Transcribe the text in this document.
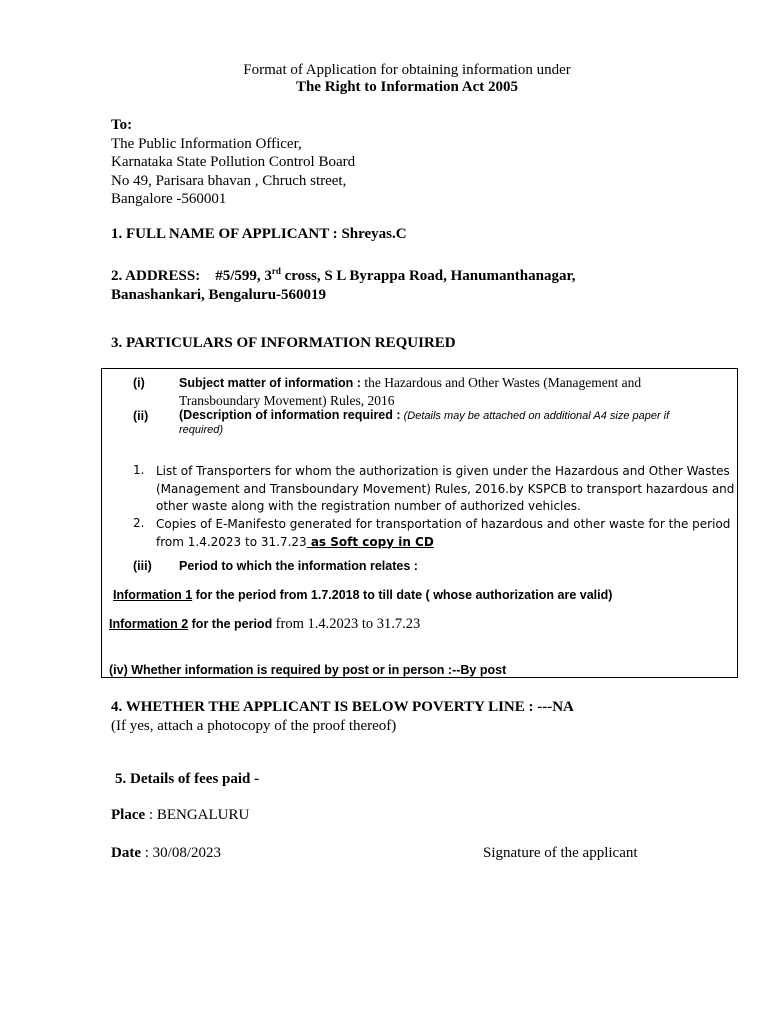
Format of Application for obtaining information under
The Right to Information Act 2005
To:
The Public Information Officer,
Karnataka State Pollution Control Board
No 49, Parisara bhavan , Chruch street,
Bangalore -560001
1. FULL NAME OF APPLICANT : Shreyas.C
2. ADDRESS: #5/599, 3rd cross, S L Byrappa Road, Hanumanthanagar,
Banashankari, Bengaluru-560019
3. PARTICULARS OF INFORMATION REQUIRED
(i)	Subject matter of information : the Hazardous and Other Wastes (Management and
Transboundary Movement) Rules, 2016
(ii) (Description of information required : (Details may be attached on additional A4 size paper if
required)
1. List of Transporters for whom the authorization is given under the Hazardous and Other Wastes
(Management and Transboundary Movement) Rules, 2016.by KSPCB to transport hazardous and
other waste along with the registration number of authorized vehicles.
2. Copies of E-Manifesto generated for transportation of hazardous and other waste for the period
from 1.4.2023 to 31.7.23 as Soft copy in CD
(iii) Period to which the information relates :
Information 1 for the period from 1.7.2018 to till date ( whose authorization are valid)
Information 2 for the period from 1.4.2023 to 31.7.23
(iv) Whether information is required by post or in person :--By post
4. WHETHER THE APPLICANT IS BELOW POVERTY LINE : ---NA
(If yes, attach a photocopy of the proof thereof)
5. Details of fees paid -
Place : BENGALURU
Date : 30/08/2023	Signature of the applicant
